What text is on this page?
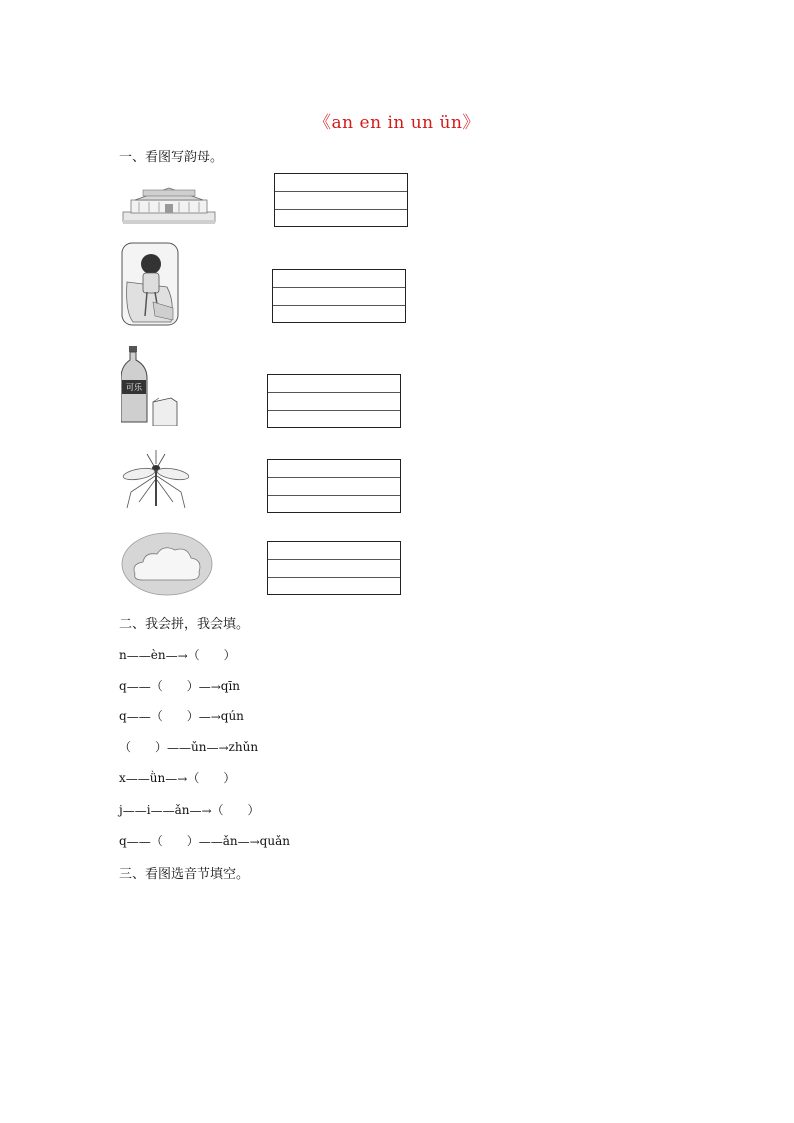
《an en in un ün》
一、看图写韵母。
可乐
二、我会拼，我会填。
n——èn—→（　　）
q——（　　）—→qīn
q——（　　）—→qún
（　　）——ǔn—→zhǔn
x——ǜn—→（　　）
j——i——ǎn—→（　　）
q——（　　）——ǎn—→quǎn
三、看图选音节填空。
